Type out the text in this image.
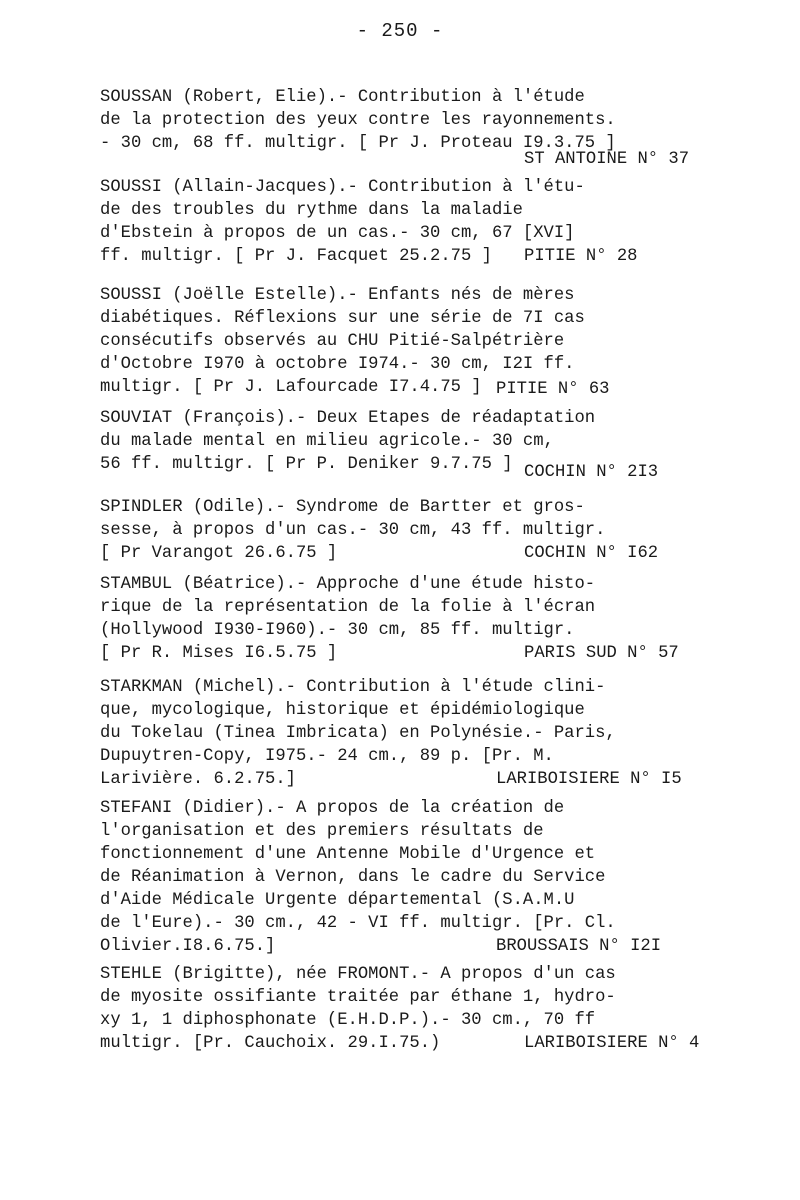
- 250 -
SOUSSAN (Robert, Elie).- Contribution à l'étude
de la protection des yeux contre les rayonnements.
- 30 cm, 68 ff. multigr. [ Pr J. Proteau I9.3.75 ]
ST ANTOINE N° 37
SOUSSI (Allain-Jacques).- Contribution à l'étu-
de des troubles du rythme dans la maladie
d'Ebstein à propos de un cas.- 30 cm, 67 [XVI]
ff. multigr. [ Pr J. Facquet 25.2.75 ]	PITIE N° 28
SOUSSI (Joëlle Estelle).- Enfants nés de mères
diabétiques. Réflexions sur une série de 7I cas
consécutifs observés au CHU Pitié-Salpétrière
d'Octobre I970 à octobre I974.- 30 cm, I2I ff.
multigr. [ Pr J. Lafourcade I7.4.75 ] PITIE N° 63
SOUVIAT (François).- Deux Etapes de réadaptation
du malade mental en milieu agricole.- 30 cm,
56 ff. multigr. [ Pr P. Deniker 9.7.75 ] COCHIN N° 2I3
SPINDLER (Odile).- Syndrome de Bartter et gros-
sesse, à propos d'un cas.- 30 cm, 43 ff. multigr.
[ Pr Varangot 26.6.75 ]	COCHIN N° I62
STAMBUL (Béatrice).- Approche d'une étude histo-
rique de la représentation de la folie à l'écran
(Hollywood I930-I960).- 30 cm, 85 ff. multigr.
[ Pr R. Mises I6.5.75 ]	PARIS SUD N° 57
STARKMAN (Michel).- Contribution à l'étude clini-
que, mycologique, historique et épidémiologique
du Tokelau (Tinea Imbricata) en Polynésie.- Paris,
Dupuytren-Copy, I975.- 24 cm., 89 p. [Pr. M.
Larivière. 6.2.75.]	LARIBOISIERE N° I5
STEFANI (Didier).- A propos de la création de
l'organisation et des premiers résultats de
fonctionnement d'une Antenne Mobile d'Urgence et
de Réanimation à Vernon, dans le cadre du Service
d'Aide Médicale Urgente départemental (S.A.M.U
de l'Eure).- 30 cm., 42 - VI ff. multigr. [Pr. Cl.
Olivier.I8.6.75.]	BROUSSAIS N° I2I
STEHLE (Brigitte), née FROMONT.- A propos d'un cas
de myosite ossifiante traitée par éthane 1, hydro-
xy 1, 1 diphosphonate (E.H.D.P.).- 30 cm., 70 ff
multigr. [Pr. Cauchoix. 29.I.75.)	LARIBOISIERE N° 4
